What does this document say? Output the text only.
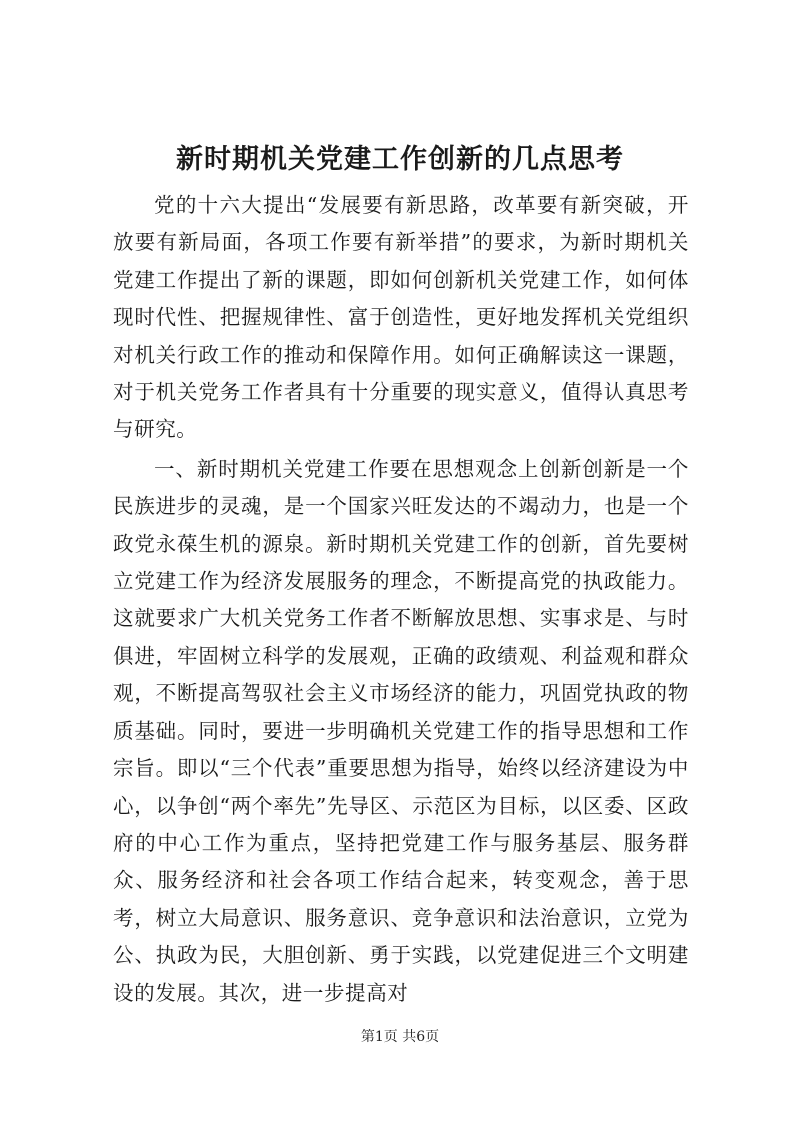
新时期机关党建工作创新的几点思考

党的十六大提出“发展要有新思路，改革要有新突破，开放要有新局面，各项工作要有新举措”的要求，为新时期机关党建工作提出了新的课题，即如何创新机关党建工作，如何体现时代性、把握规律性、富于创造性，更好地发挥机关党组织对机关行政工作的推动和保障作用。如何正确解读这一课题，对于机关党务工作者具有十分重要的现实意义，值得认真思考与研究。

一、新时期机关党建工作要在思想观念上创新创新是一个民族进步的灵魂，是一个国家兴旺发达的不竭动力，也是一个政党永葆生机的源泉。新时期机关党建工作的创新，首先要树立党建工作为经济发展服务的理念，不断提高党的执政能力。这就要求广大机关党务工作者不断解放思想、实事求是、与时俱进，牢固树立科学的发展观，正确的政绩观、利益观和群众观，不断提高驾驭社会主义市场经济的能力，巩固党执政的物质基础。同时，要进一步明确机关党建工作的指导思想和工作宗旨。即以“三个代表”重要思想为指导，始终以经济建设为中心，以争创“两个率先”先导区、示范区为目标，以区委、区政府的中心工作为重点，坚持把党建工作与服务基层、服务群众、服务经济和社会各项工作结合起来，转变观念，善于思考，树立大局意识、服务意识、竞争意识和法治意识，立党为公、执政为民，大胆创新、勇于实践，以党建促进三个文明建设的发展。其次，进一步提高对

第1页 共6页
